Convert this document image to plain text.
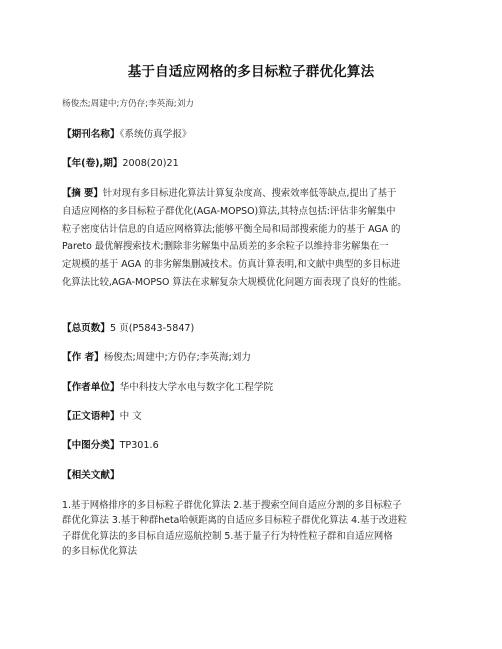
基于自适应网格的多目标粒子群优化算法
杨俊杰;周建中;方仍存;李英海;刘力
【期刊名称】《系统仿真学报》
【年(卷),期】2008(20)21
【摘 要】针对现有多目标进化算法计算复杂度高、搜索效率低等缺点,提出了基于
自适应网格的多目标粒子群优化(AGA-MOPSO)算法,其特点包括:评估非劣解集中
粒子密度估计信息的自适应网格算法;能够平衡全局和局部搜索能力的基于 AGA 的
Pareto 最优解搜索技术;删除非劣解集中品质差的多余粒子以维持非劣解集在一
定规模的基于 AGA 的非劣解集删减技术。仿真计算表明,和文献中典型的多目标进
化算法比较,AGA-MOPSO 算法在求解复杂大规模优化问题方面表现了良好的性能。
【总页数】5 页(P5843-5847)
【作 者】杨俊杰;周建中;方仍存;李英海;刘力
【作者单位】华中科技大学水电与数字化工程学院
【正文语种】中 文
【中图分类】TP301.6
【相关文献】
1.基于网格排序的多目标粒子群优化算法 2.基于搜索空间自适应分割的多目标粒子
群优化算法 3.基于种群heta哈顿距离的自适应多目标粒子群优化算法 4.基于改进粒
子群优化算法的多目标自适应巡航控制 5.基于量子行为特性粒子群和自适应网格
的多目标优化算法
